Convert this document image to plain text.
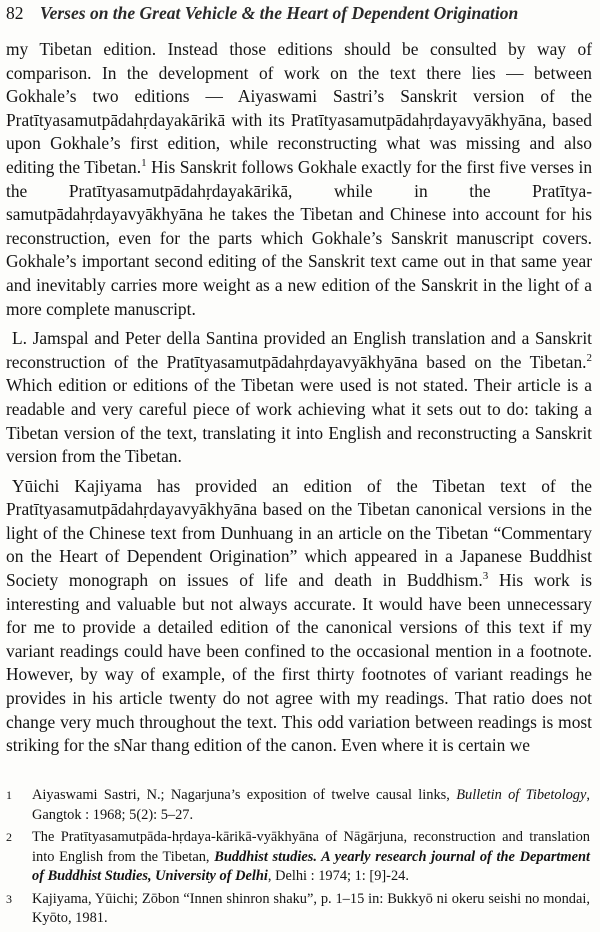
82 Verses on the Great Vehicle & the Heart of Dependent Origination

my Tibetan edition. Instead those editions should be consulted by way of comparison. In the development of work on the text there lies — between Gokhale’s two editions — Aiyaswami Sastri’s Sanskrit version of the Pratītyasamutpādahṛdayakārikā with its Pratītyasamutpādahṛdayavyākhyāna, based upon Gokhale’s first edition, while reconstructing what was missing and also editing the Tibetan.$^1$ His Sanskrit follows Gokhale exactly for the first five verses in the Pratītyasamutpādahṛdayakārikā, while in the Pratītya-samutpādahṛdayavyākhyāna he takes the Tibetan and Chinese into account for his reconstruction, even for the parts which Gokhale’s Sanskrit manuscript covers. Gokhale’s important second editing of the Sanskrit text came out in that same year and inevitably carries more weight as a new edition of the Sanskrit in the light of a more complete manuscript.

L. Jamspal and Peter della Santina provided an English translation and a Sanskrit reconstruction of the Pratītyasamutpādahṛdayavyākhyāna based on the Tibetan.$^2$ Which edition or editions of the Tibetan were used is not stated. Their article is a readable and very careful piece of work achieving what it sets out to do: taking a Tibetan version of the text, translating it into English and reconstructing a Sanskrit version from the Tibetan.

Yūichi Kajiyama has provided an edition of the Tibetan text of the Pratītyasamutpādahṛdayavyākhyāna based on the Tibetan canonical versions in the light of the Chinese text from Dunhuang in an article on the Tibetan “Commentary on the Heart of Dependent Origination” which appeared in a Japanese Buddhist Society monograph on issues of life and death in Buddhism.$^3$ His work is interesting and valuable but not always accurate. It would have been unnecessary for me to provide a detailed edition of the canonical versions of this text if my variant readings could have been confined to the occasional mention in a footnote. However, by way of example, of the first thirty footnotes of variant readings he provides in his article twenty do not agree with my readings. That ratio does not change very much throughout the text. This odd variation between readings is most striking for the sNar thang edition of the canon. Even where it is certain we

1 Aiyaswami Sastri, N.; Nagarjuna’s exposition of twelve causal links, Bulletin of Tibetology, Gangtok : 1968; 5(2): 5–27.
2 The Pratītyasamutpāda-hṛdaya-kārikā-vyākhyāna of Nāgārjuna, reconstruction and translation into English from the Tibetan, Buddhist studies. A yearly research journal of the Department of Buddhist Studies, University of Delhi, Delhi : 1974; 1: [9]-24.
3 Kajiyama, Yūichi; Zōbon “Innen shinron shaku”, p. 1–15 in: Bukkyō ni okeru seishi no mondai, Kyōto, 1981.
